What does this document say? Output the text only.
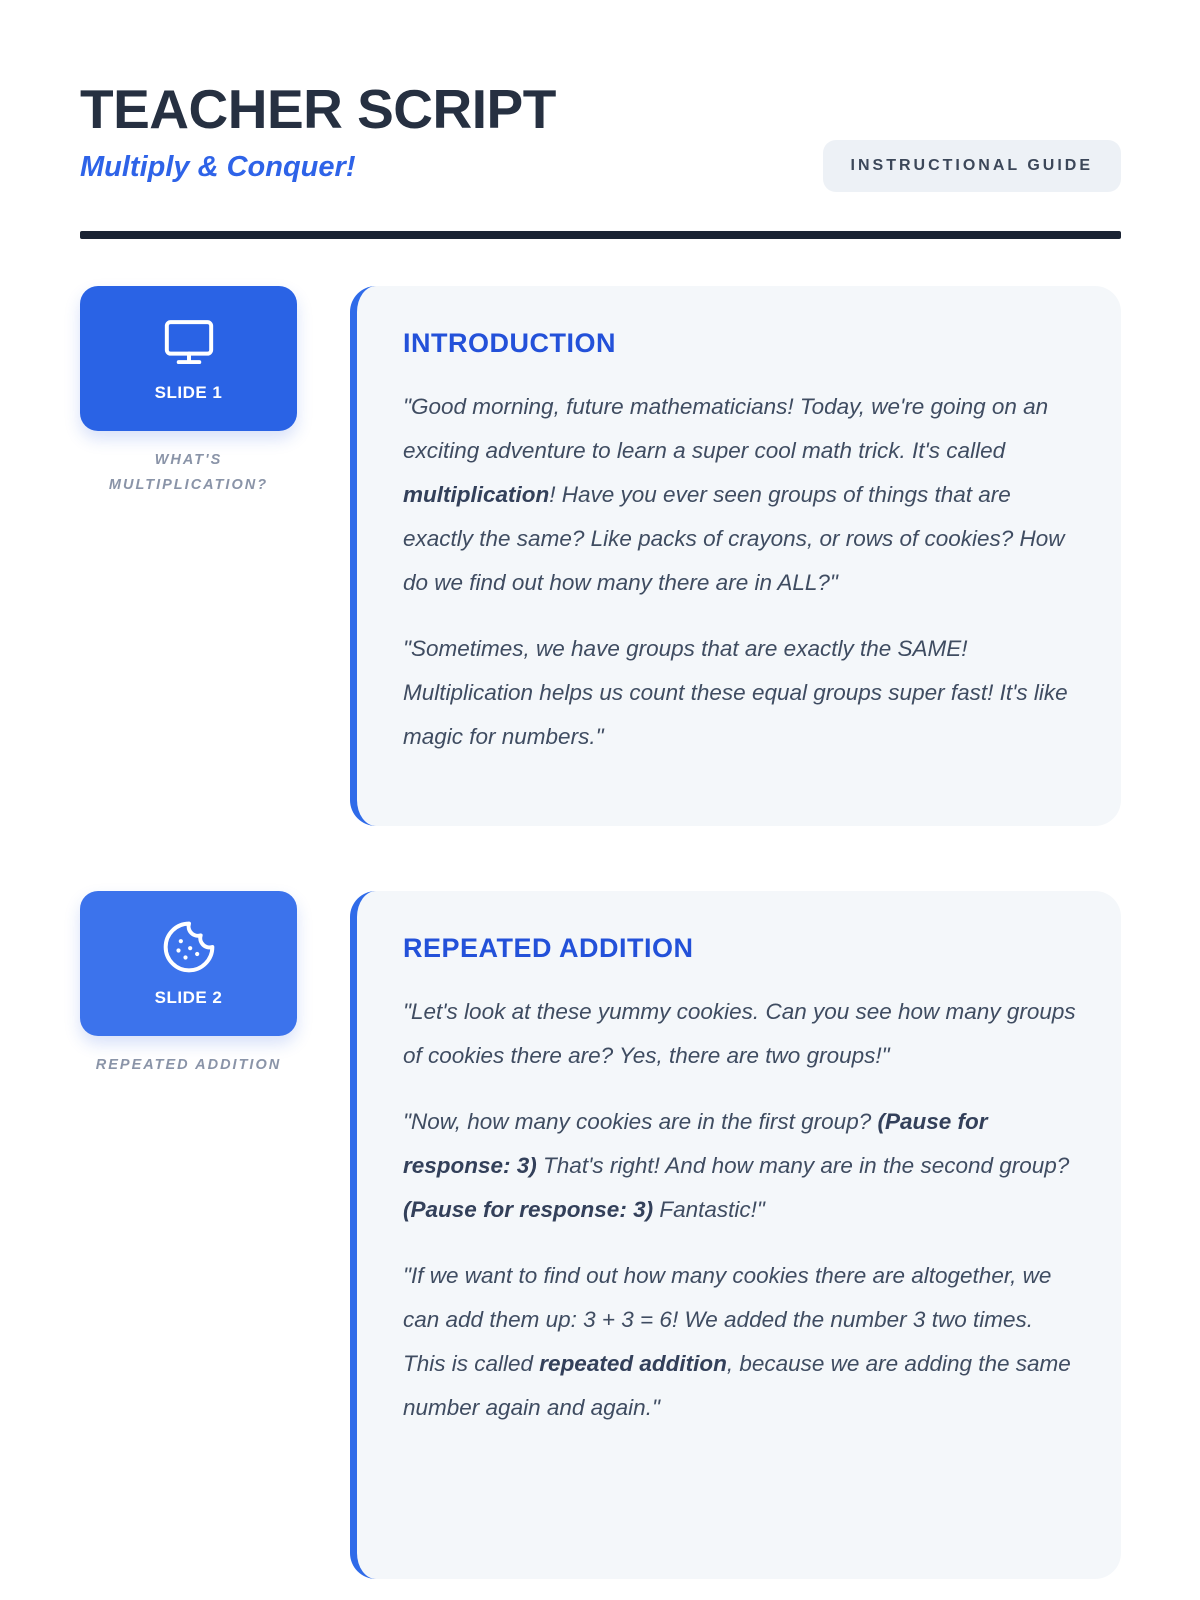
TEACHER SCRIPT
Multiply & Conquer!	INSTRUCTIONAL GUIDE
SLIDE 1
WHAT'S MULTIPLICATION?
INTRODUCTION

"Good morning, future mathematicians! Today, we're going on an exciting adventure to learn a super cool math trick. It's called multiplication! Have you ever seen groups of things that are exactly the same? Like packs of crayons, or rows of cookies? How do we find out how many there are in ALL?"

"Sometimes, we have groups that are exactly the SAME! Multiplication helps us count these equal groups super fast! It's like magic for numbers."

SLIDE 2
REPEATED ADDITION
REPEATED ADDITION

"Let's look at these yummy cookies. Can you see how many groups of cookies there are? Yes, there are two groups!"

"Now, how many cookies are in the first group? (Pause for response: 3) That's right! And how many are in the second group? (Pause for response: 3) Fantastic!"

"If we want to find out how many cookies there are altogether, we can add them up: 3 + 3 = 6! We added the number 3 two times. This is called repeated addition, because we are adding the same number again and again."
